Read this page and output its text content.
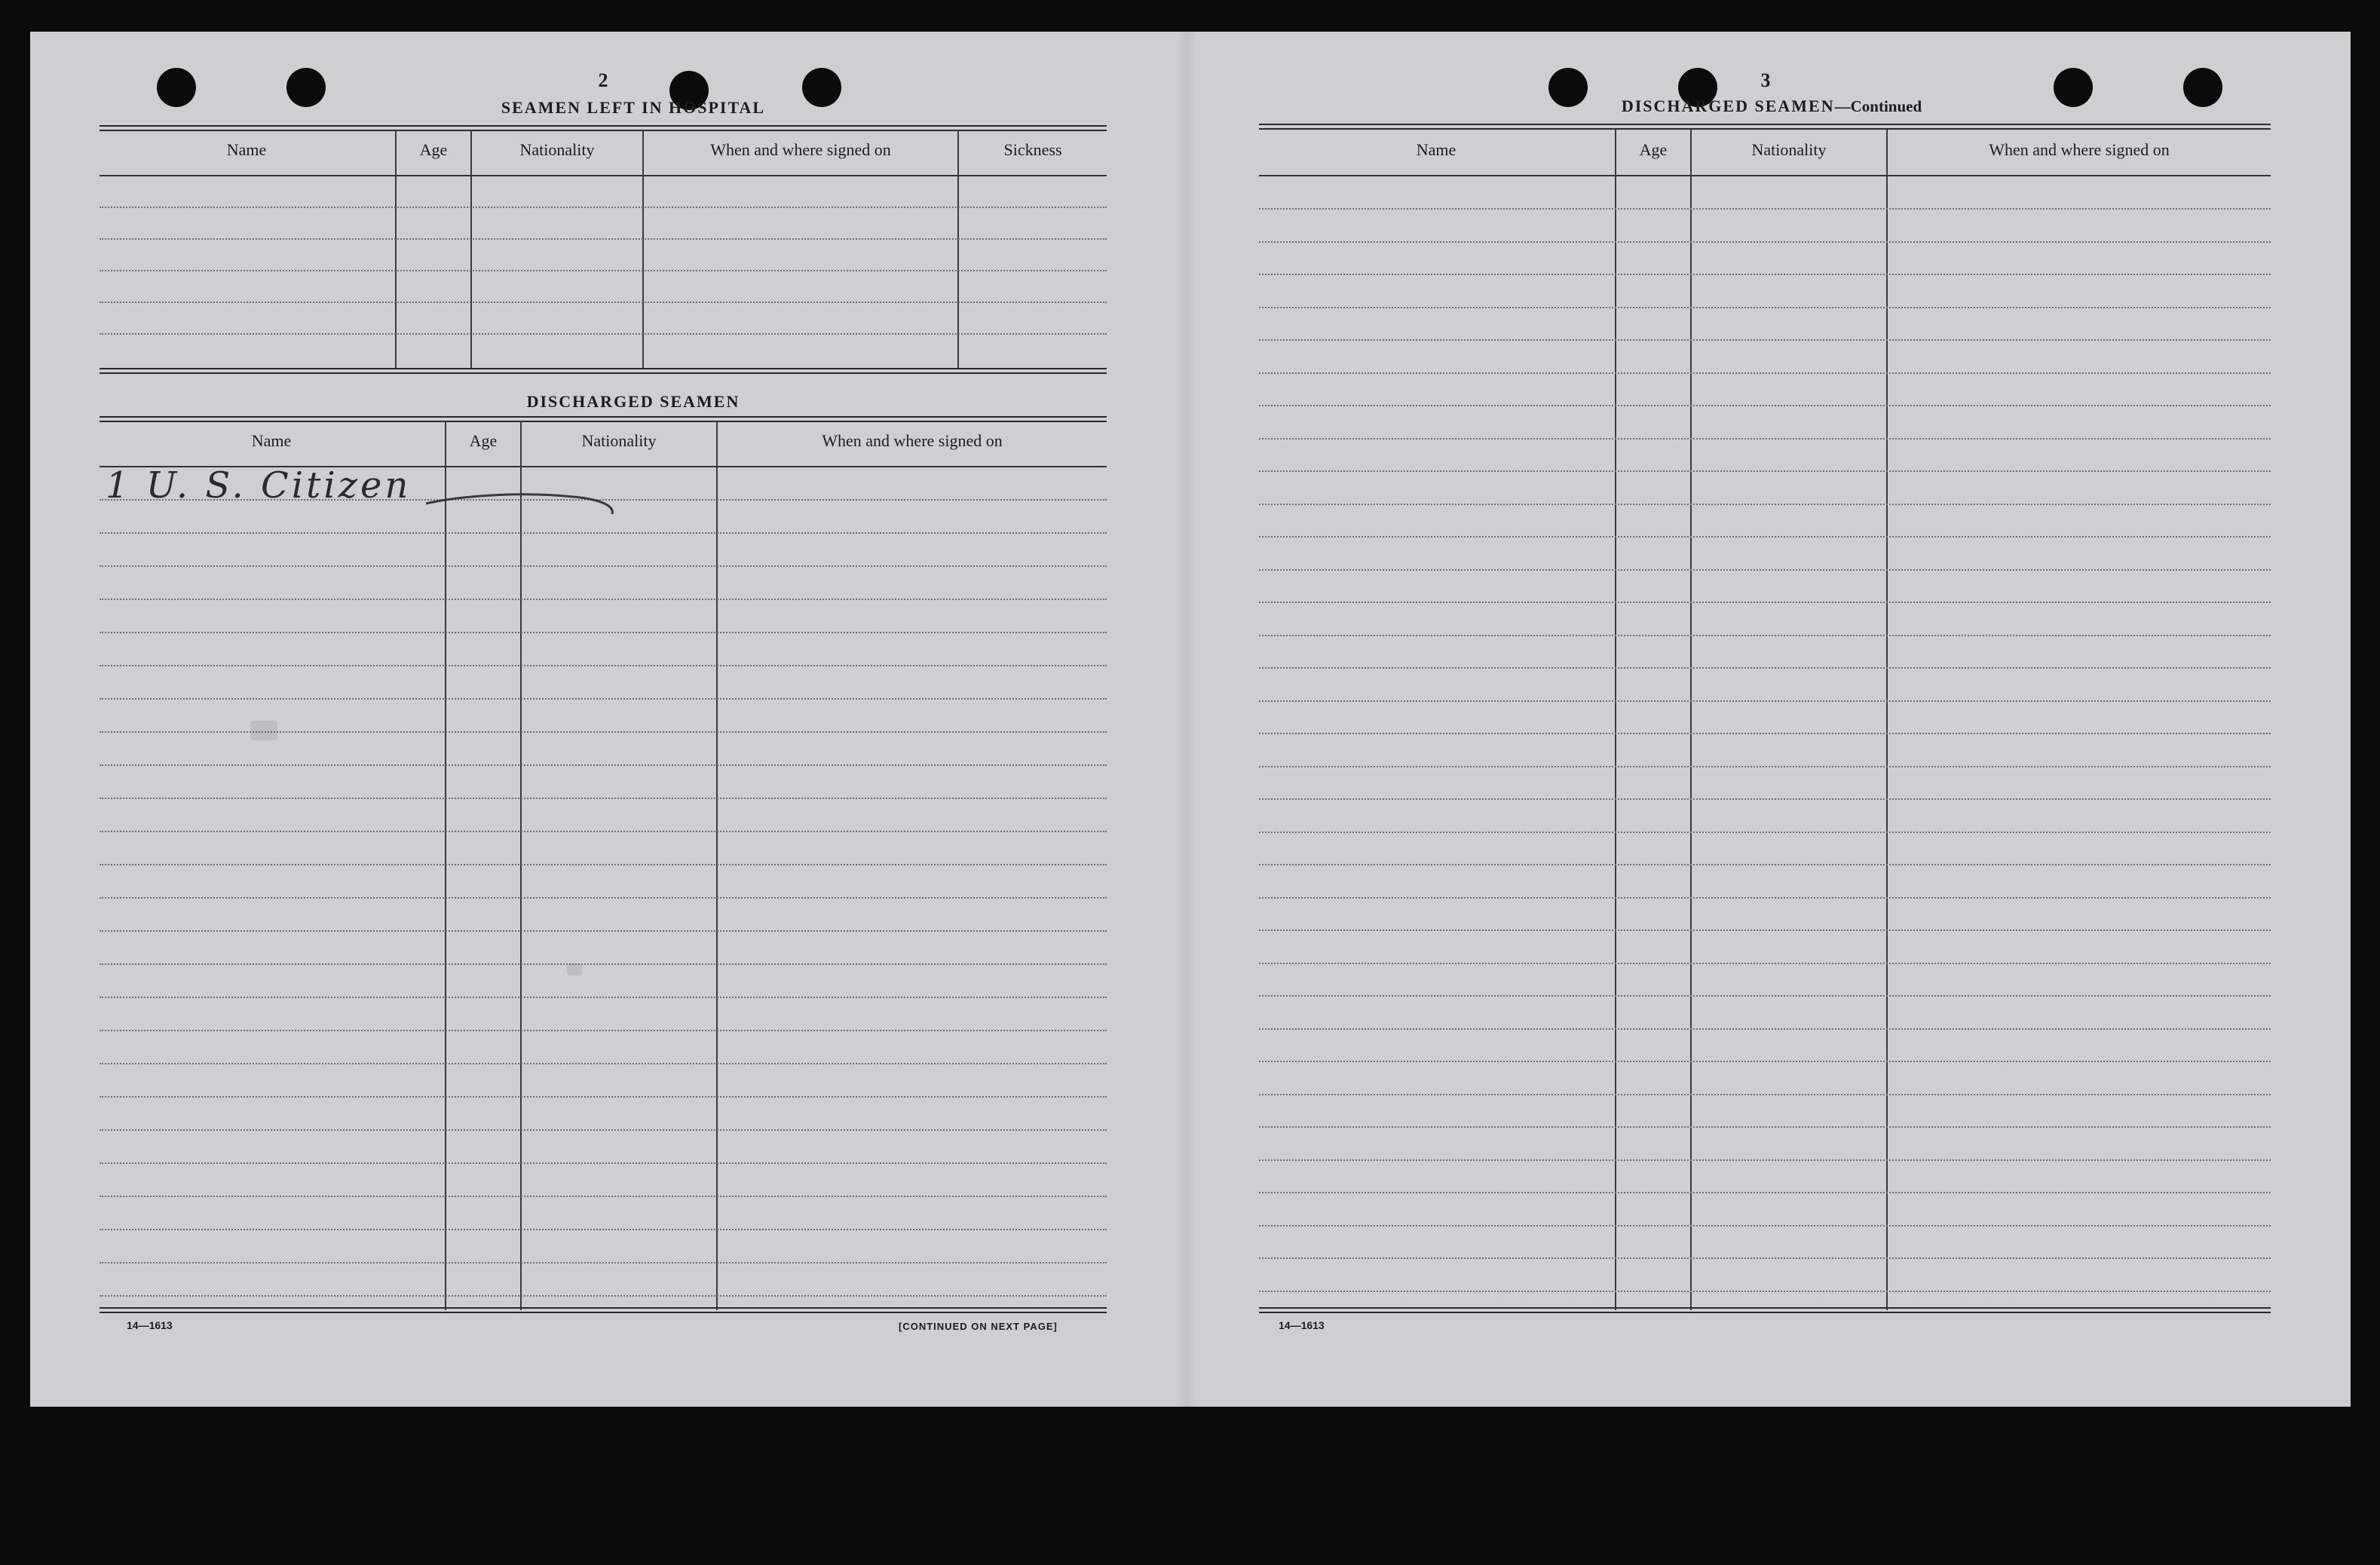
2
SEAMEN LEFT IN HOSPITAL
Name	Age	Nationality	When and where signed on	Sickness
DISCHARGED SEAMEN
Name	Age	Nationality	When and where signed on
1 U. S. Citizen
14—1613	[CONTINUED ON NEXT PAGE]
3
DISCHARGED SEAMEN—Continued
Name	Age	Nationality	When and where signed on
14—1613
